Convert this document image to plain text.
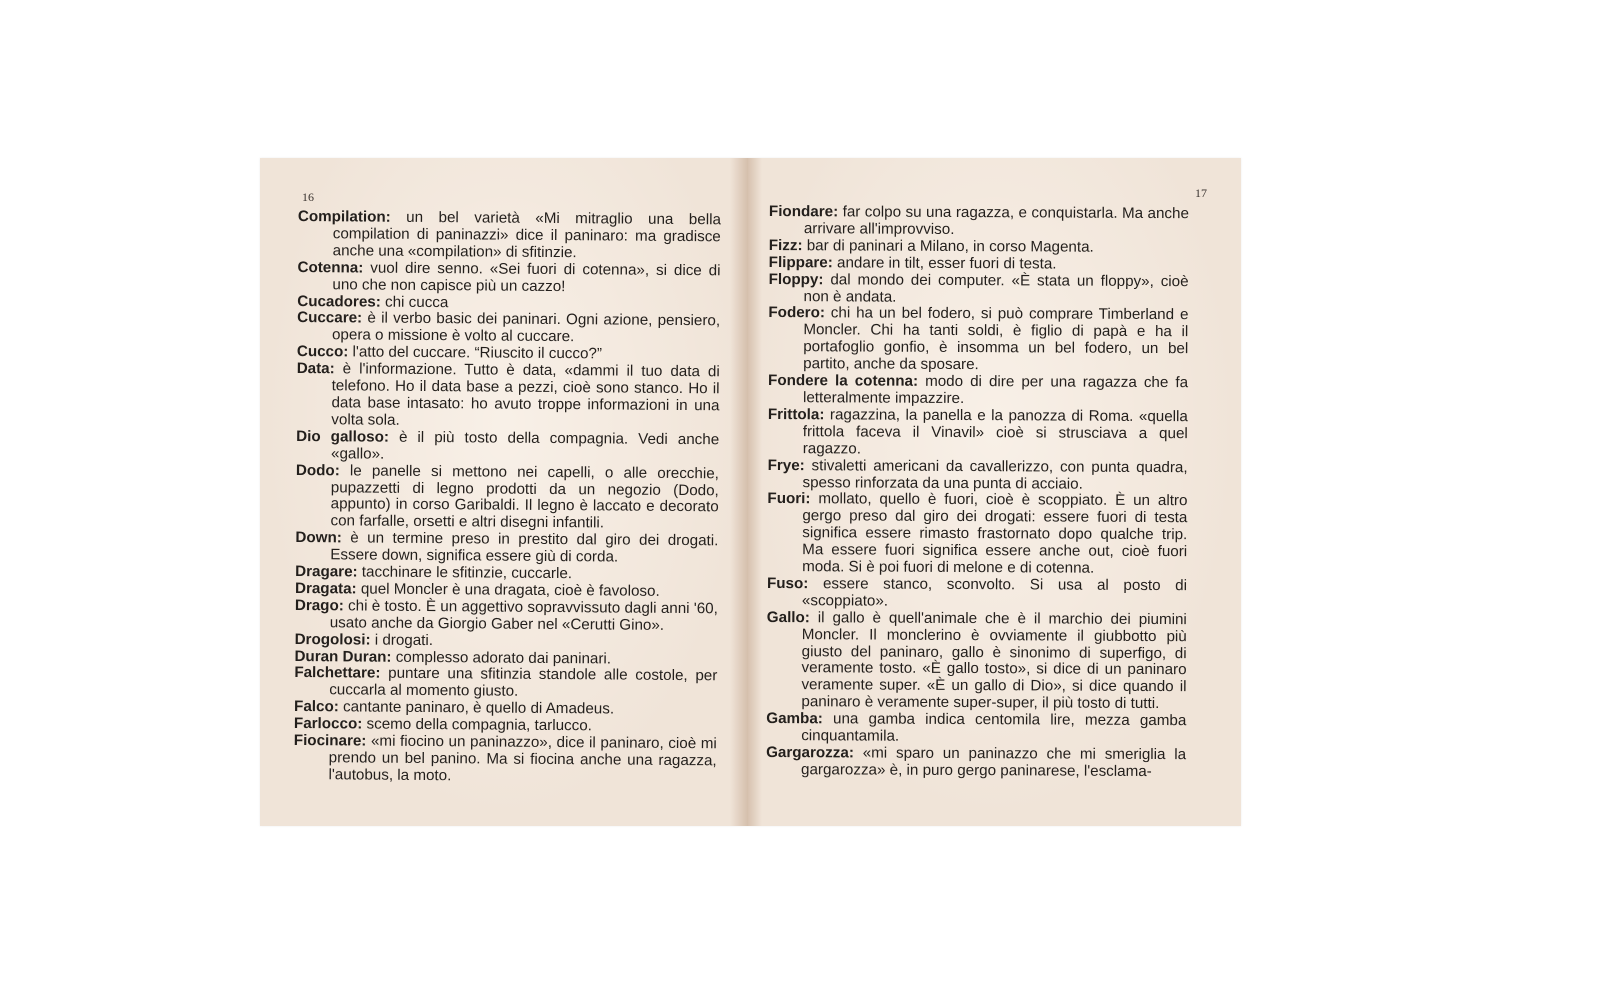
16

Compilation: un bel varietà «Mi mitraglio una bella compilation di paninazzi» dice il paninaro: ma gradisce anche una «compilation» di sfitinzie.

Cotenna: vuol dire senno. «Sei fuori di cotenna», si dice di uno che non capisce più un cazzo!

Cucadores: chi cucca

Cuccare: è il verbo basic dei paninari. Ogni azione, pensiero, opera o missione è volto al cuccare.

Cucco: l'atto del cuccare. “Riuscito il cucco?”

Data: è l'informazione. Tutto è data, «dammi il tuo data di telefono. Ho il data base a pezzi, cioè sono stanco. Ho il data base intasato: ho avuto troppe informazioni in una volta sola.

Dio galloso: è il più tosto della compagnia. Vedi anche «gallo».

Dodo: le panelle si mettono nei capelli, o alle orecchie, pupazzetti di legno prodotti da un negozio (Dodo, appunto) in corso Garibaldi. Il legno è laccato e decorato con farfalle, orsetti e altri disegni infantili.

Down: è un termine preso in prestito dal giro dei drogati. Essere down, significa essere giù di corda.

Dragare: tacchinare le sfitinzie, cuccarle.

Dragata: quel Moncler è una dragata, cioè è favoloso.

Drago: chi è tosto. È un aggettivo sopravvissuto dagli anni '60, usato anche da Giorgio Gaber nel «Cerutti Gino».

Drogolosi: i drogati.

Duran Duran: complesso adorato dai paninari.

Falchettare: puntare una sfitinzia standole alle costole, per cuccarla al momento giusto.

Falco: cantante paninaro, è quello di Amadeus.

Farlocco: scemo della compagnia, tarlucco.

Fiocinare: «mi fiocino un paninazzo», dice il paninaro, cioè mi prendo un bel panino. Ma si fiocina anche una ragazza, l'autobus, la moto.

17

Fiondare: far colpo su una ragazza, e conquistarla. Ma anche arrivare all'improvviso.

Fizz: bar di paninari a Milano, in corso Magenta.

Flippare: andare in tilt, esser fuori di testa.

Floppy: dal mondo dei computer. «È stata un floppy», cioè non è andata.

Fodero: chi ha un bel fodero, si può comprare Timberland e Moncler. Chi ha tanti soldi, è figlio di papà e ha il portafoglio gonfio, è insomma un bel fodero, un bel partito, anche da sposare.

Fondere la cotenna: modo di dire per una ragazza che fa letteralmente impazzire.

Frittola: ragazzina, la panella e la panozza di Roma. «quella frittola faceva il Vinavil» cioè si strusciava a quel ragazzo.

Frye: stivaletti americani da cavallerizzo, con punta quadra, spesso rinforzata da una punta di acciaio.

Fuori: mollato, quello è fuori, cioè è scoppiato. È un altro gergo preso dal giro dei drogati: essere fuori di testa significa essere rimasto frastornato dopo qualche trip. Ma essere fuori significa essere anche out, cioè fuori moda. Si è poi fuori di melone e di cotenna.

Fuso: essere stanco, sconvolto. Si usa al posto di «scoppiato».

Gallo: il gallo è quell'animale che è il marchio dei piumini Moncler. Il monclerino è ovviamente il giubbotto più giusto del paninaro, gallo è sinonimo di superfigo, di veramente tosto. «È gallo tosto», si dice di un paninaro veramente super. «È un gallo di Dio», si dice quando il paninaro è veramente super-super, il più tosto di tutti.

Gamba: una gamba indica centomila lire, mezza gamba cinquantamila.

Gargarozza: «mi sparo un paninazzo che mi smeriglia la gargarozza» è, in puro gergo paninarese, l'esclama-
